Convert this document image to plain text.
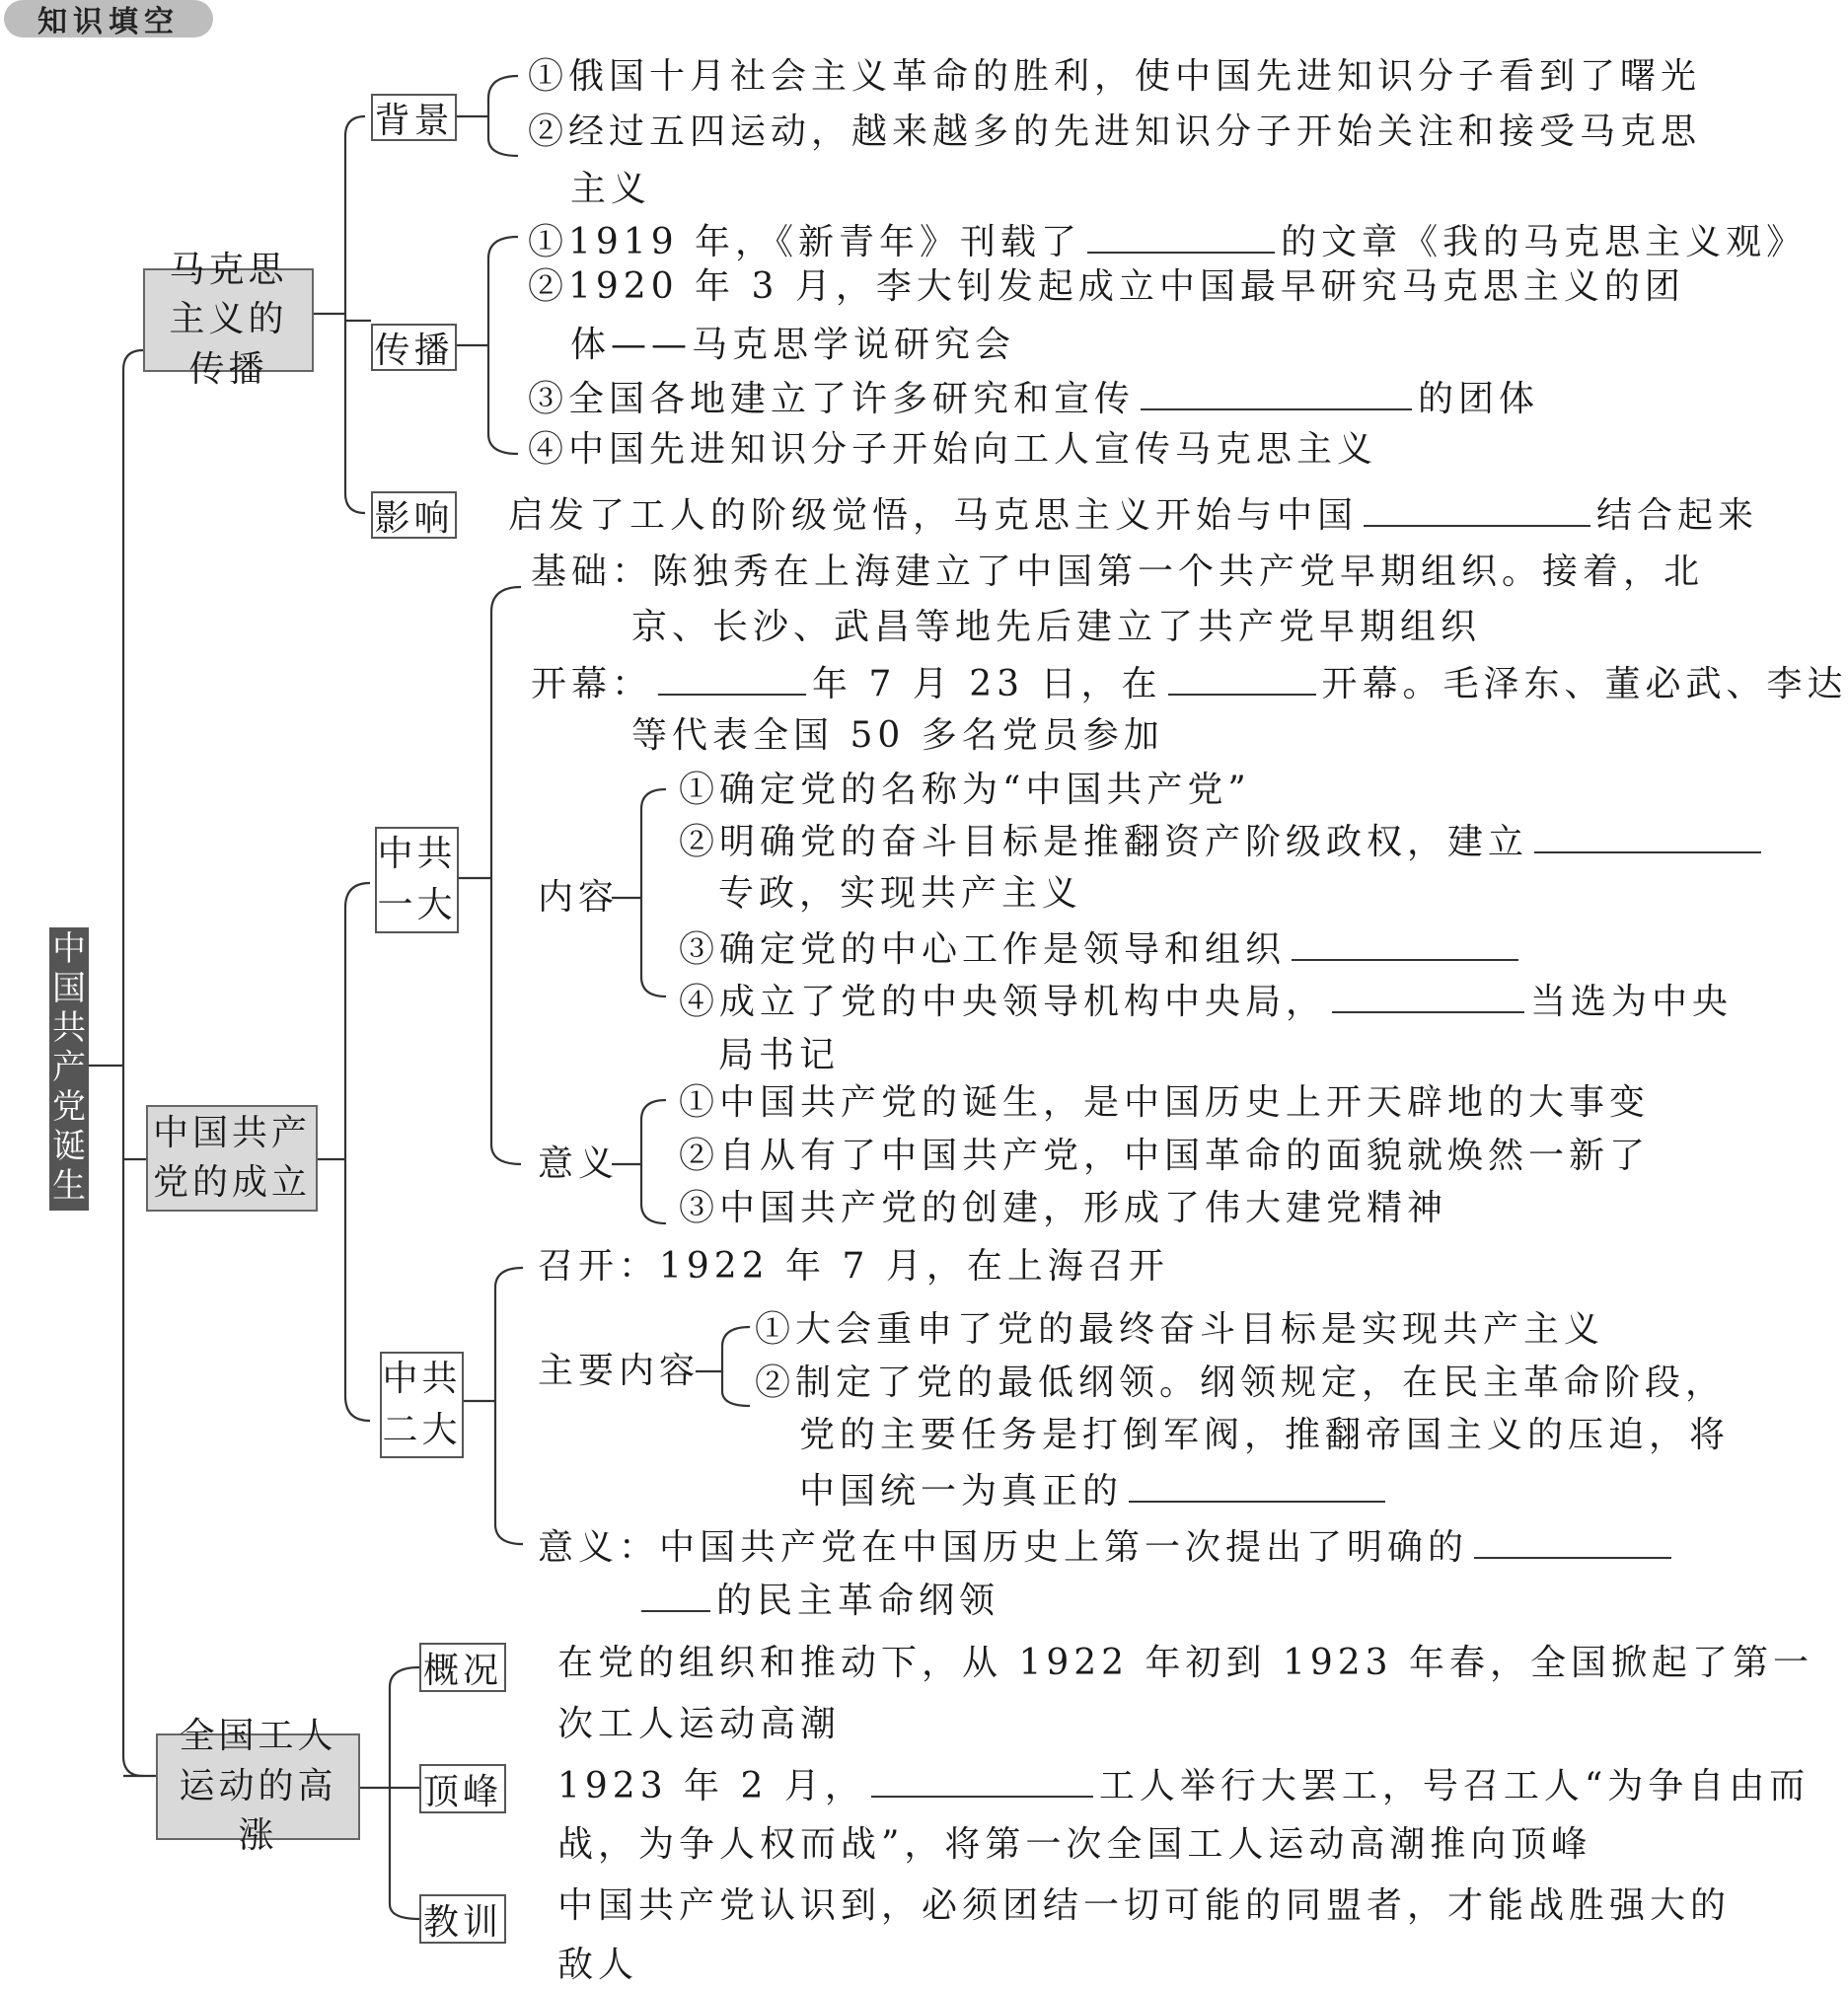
知识填空
中国共产党诞生
马克思主义的传播
中国共产党的成立
全国工人运动的高涨
背景
传播
影响
①俄国十月社会主义革命的胜利，使中国先进知识分子看到了曙光
②经过五四运动，越来越多的先进知识分子开始关注和接受马克思
主义
①1919 年，《新青年》刊载了	的文章《我的马克思主义观》
②1920 年 3 月，李大钊发起成立中国最早研究马克思主义的团
体——马克思学说研究会
③全国各地建立了许多研究和宣传	的团体
④中国先进知识分子开始向工人宣传马克思主义
启发了工人的阶级觉悟，马克思主义开始与中国	结合起来
中共
一大
基础：陈独秀在上海建立了中国第一个共产党早期组织。接着，北
京、长沙、武昌等地先后建立了共产党早期组织
开幕：	年 7 月 23 日，在	开幕。毛泽东、董必武、李达
等代表全国 50 多名党员参加
内容
①确定党的名称为“中国共产党”
②明确党的奋斗目标是推翻资产阶级政权，建立
专政，实现共产主义
③确定党的中心工作是领导和组织
④成立了党的中央领导机构中央局，	当选为中央
局书记
意义
①中国共产党的诞生，是中国历史上开天辟地的大事变
②自从有了中国共产党，中国革命的面貌就焕然一新了
③中国共产党的创建，形成了伟大建党精神
中共
二大
召开：1922 年 7 月，在上海召开
主要内容
①大会重申了党的最终奋斗目标是实现共产主义
②制定了党的最低纲领。纲领规定，在民主革命阶段，
党的主要任务是打倒军阀，推翻帝国主义的压迫，将
中国统一为真正的
意义：中国共产党在中国历史上第一次提出了明确的
的民主革命纲领
概况
顶峰
教训
在党的组织和推动下，从 1922 年初到 1923 年春，全国掀起了第一
次工人运动高潮
1923 年 2 月，	工人举行大罢工，号召工人“为争自由而
战，为争人权而战”，将第一次全国工人运动高潮推向顶峰
中国共产党认识到，必须团结一切可能的同盟者，才能战胜强大的
敌人
